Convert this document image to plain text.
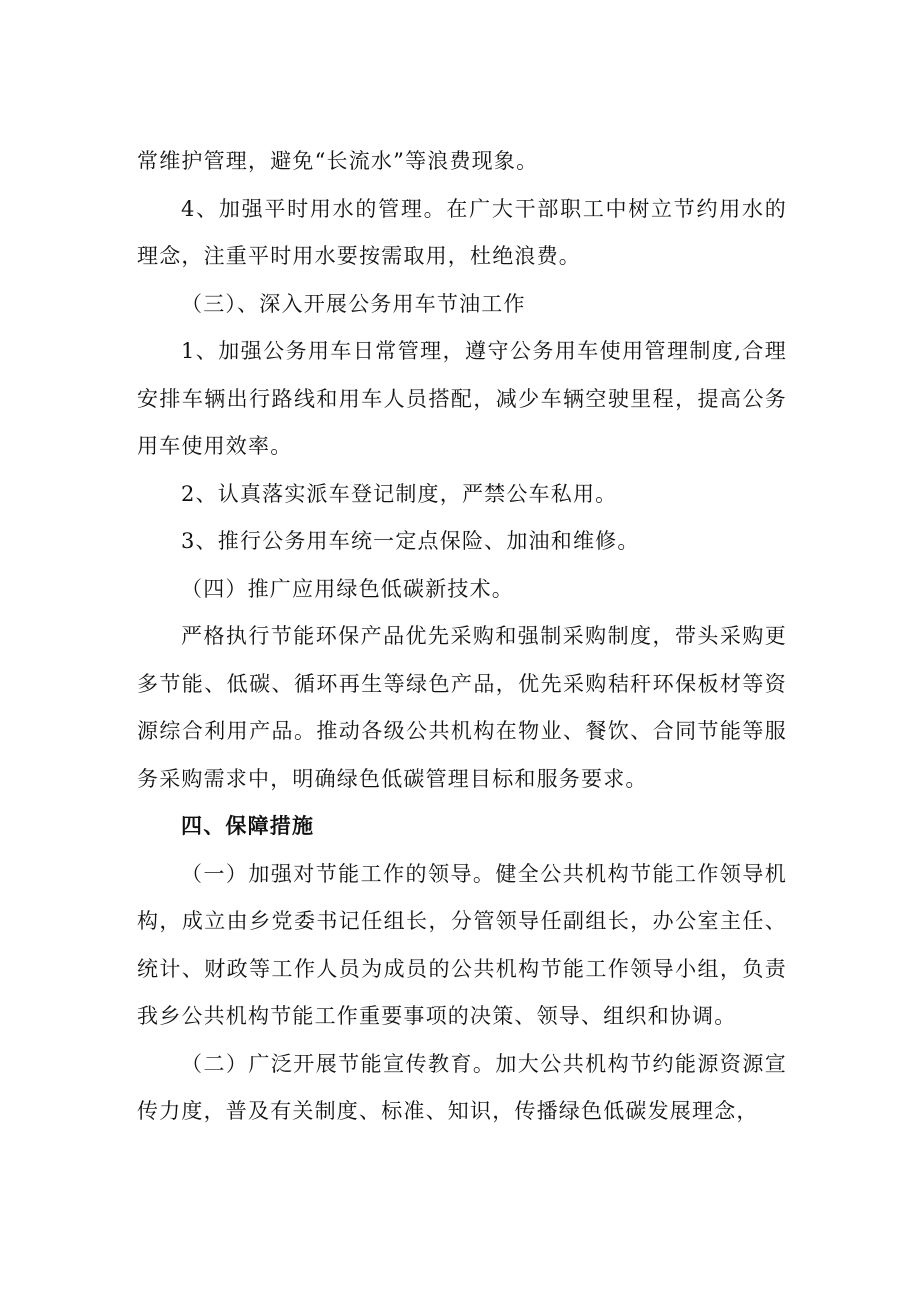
常维护管理，避免“长流水”等浪费现象。

4、加强平时用水的管理。在广大干部职工中树立节约用水的理念，注重平时用水要按需取用，杜绝浪费。

（三）、深入开展公务用车节油工作

1、加强公务用车日常管理，遵守公务用车使用管理制度,合理安排车辆出行路线和用车人员搭配，减少车辆空驶里程，提高公务用车使用效率。

2、认真落实派车登记制度，严禁公车私用。

3、推行公务用车统一定点保险、加油和维修。

（四）推广应用绿色低碳新技术。

严格执行节能环保产品优先采购和强制采购制度，带头采购更多节能、低碳、循环再生等绿色产品，优先采购秸秆环保板材等资源综合利用产品。推动各级公共机构在物业、餐饮、合同节能等服务采购需求中，明确绿色低碳管理目标和服务要求。

四、保障措施

（一）加强对节能工作的领导。健全公共机构节能工作领导机构，成立由乡党委书记任组长，分管领导任副组长，办公室主任、统计、财政等工作人员为成员的公共机构节能工作领导小组，负责我乡公共机构节能工作重要事项的决策、领导、组织和协调。

（二）广泛开展节能宣传教育。加大公共机构节约能源资源宣传力度，普及有关制度、标准、知识，传播绿色低碳发展理念，
